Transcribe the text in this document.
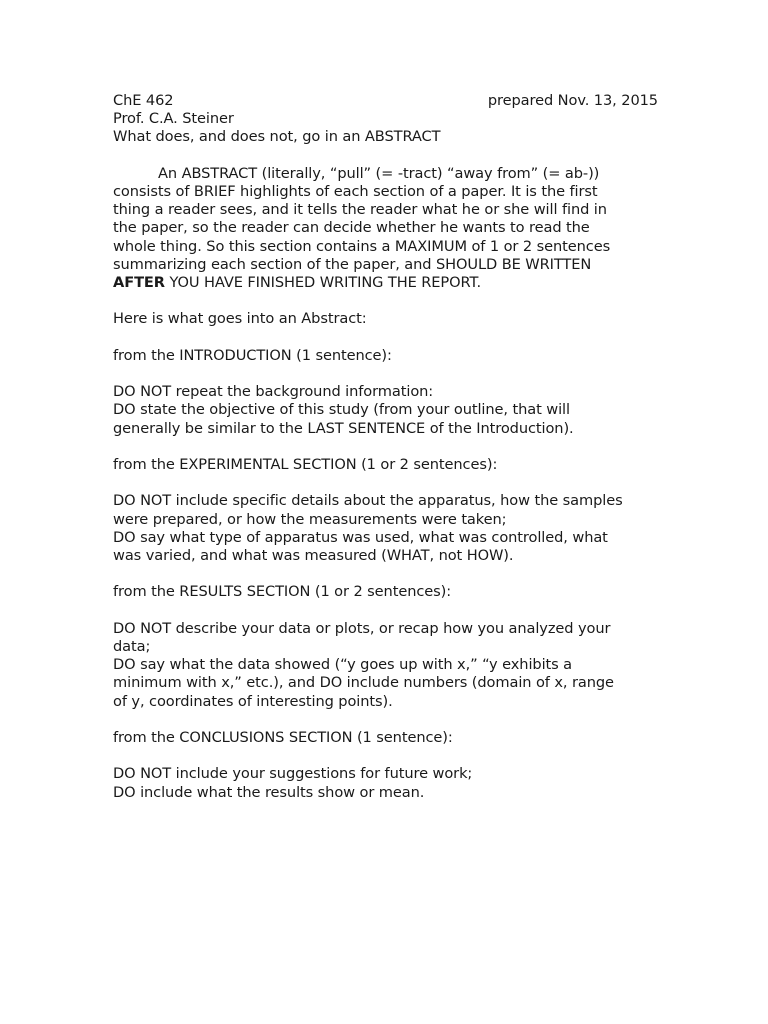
ChE 462	prepared Nov. 13, 2015
Prof. C.A. Steiner
What does, and does not, go in an ABSTRACT
An ABSTRACT (literally, “pull” (= -tract) “away from” (= ab-))
consists of BRIEF highlights of each section of a paper. It is the first
thing a reader sees, and it tells the reader what he or she will find in
the paper, so the reader can decide whether he wants to read the
whole thing. So this section contains a MAXIMUM of 1 or 2 sentences
summarizing each section of the paper, and SHOULD BE WRITTEN
AFTER YOU HAVE FINISHED WRITING THE REPORT.
Here is what goes into an Abstract:
from the INTRODUCTION (1 sentence):
DO NOT repeat the background information:
DO state the objective of this study (from your outline, that will
generally be similar to the LAST SENTENCE of the Introduction).
from the EXPERIMENTAL SECTION (1 or 2 sentences):
DO NOT include specific details about the apparatus, how the samples
were prepared, or how the measurements were taken;
DO say what type of apparatus was used, what was controlled, what
was varied, and what was measured (WHAT, not HOW).
from the RESULTS SECTION (1 or 2 sentences):
DO NOT describe your data or plots, or recap how you analyzed your
data;
DO say what the data showed (“y goes up with x,” “y exhibits a
minimum with x,” etc.), and DO include numbers (domain of x, range
of y, coordinates of interesting points).
from the CONCLUSIONS SECTION (1 sentence):
DO NOT include your suggestions for future work;
DO include what the results show or mean.
